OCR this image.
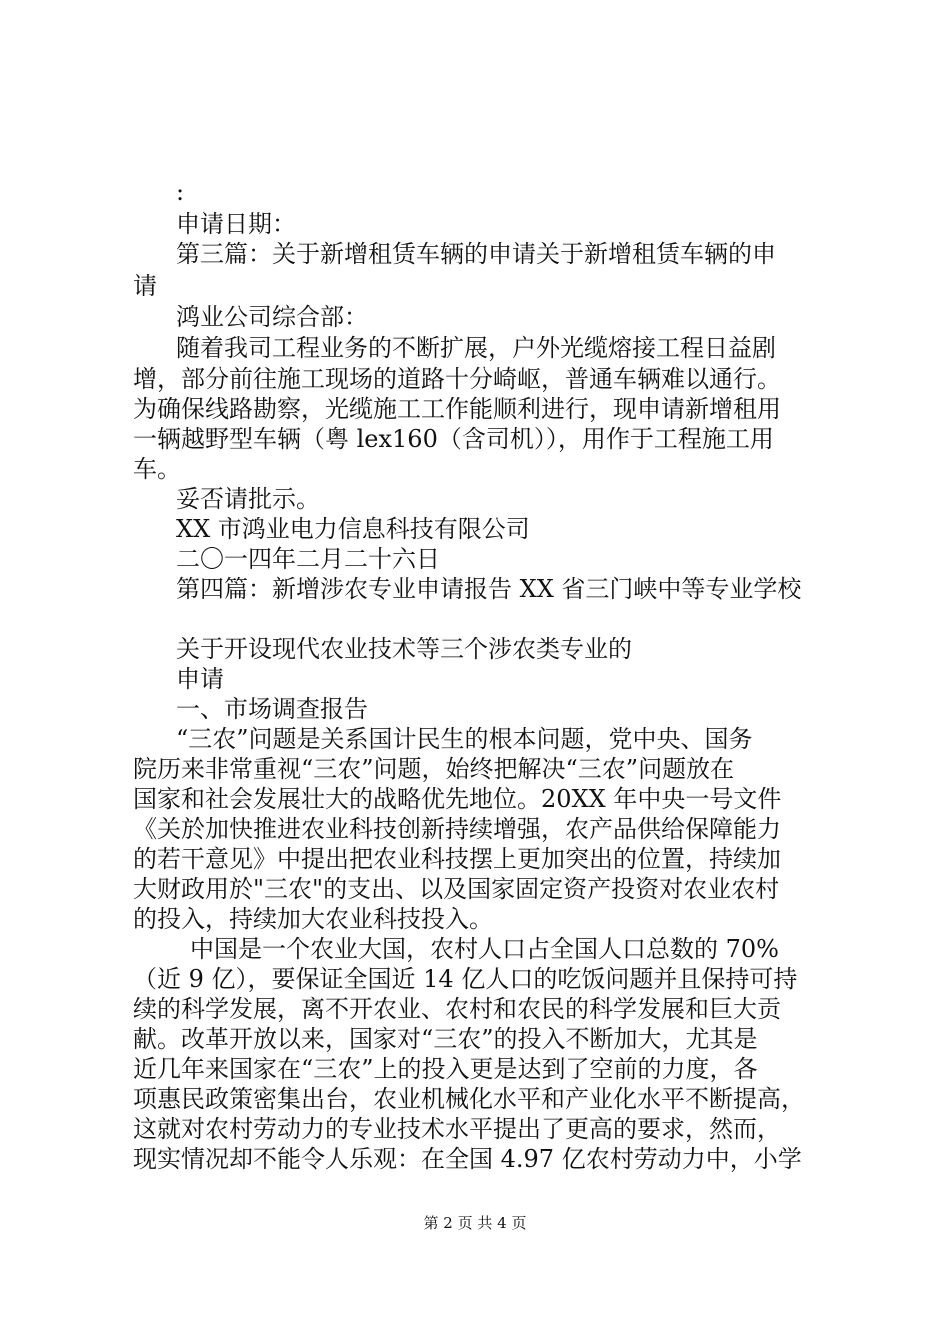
:
申请日期：
第三篇：关于新增租赁车辆的申请关于新增租赁车辆的申
请
鸿业公司综合部：
随着我司工程业务的不断扩展，户外光缆熔接工程日益剧
增，部分前往施工现场的道路十分崎岖，普通车辆难以通行。
为确保线路勘察，光缆施工工作能顺利进行，现申请新增租用
一辆越野型车辆（粤 lex160（含司机）），用作于工程施工用
车。
妥否请批示。
XX 市鸿业电力信息科技有限公司
二〇一四年二月二十六日
第四篇：新增涉农专业申请报告 XX 省三门峡中等专业学校
关于开设现代农业技术等三个涉农类专业的
申请
一、市场调查报告
“三农”问题是关系国计民生的根本问题，党中央、国务
院历来非常重视“三农”问题，始终把解决“三农”问题放在
国家和社会发展壮大的战略优先地位。20XX 年中央一号文件
《关於加快推进农业科技创新持续增强，农产品供给保障能力
的若干意见》中提出把农业科技摆上更加突出的位置，持续加
大财政用於"三农"的支出、以及国家固定资产投资对农业农村
的投入，持续加大农业科技投入。
中国是一个农业大国，农村人口占全国人口总数的 70%
（近 9 亿），要保证全国近 14 亿人口的吃饭问题并且保持可持
续的科学发展，离不开农业、农村和农民的科学发展和巨大贡
献。改革开放以来，国家对“三农”的投入不断加大，尤其是
近几年来国家在“三农”上的投入更是达到了空前的力度，各
项惠民政策密集出台，农业机械化水平和产业化水平不断提高，
这就对农村劳动力的专业技术水平提出了更高的要求，然而，
现实情况却不能令人乐观：在全国 4.97 亿农村劳动力中，小学
第 2 页 共 4 页
